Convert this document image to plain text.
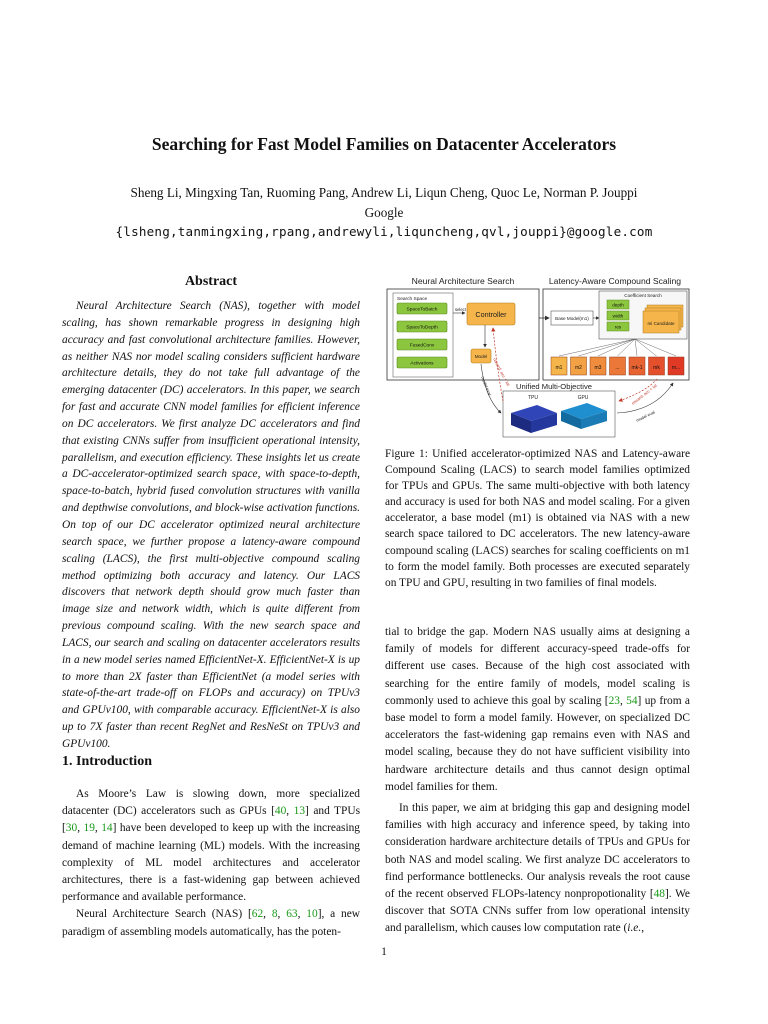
Searching for Fast Model Families on Datacenter Accelerators
Sheng Li, Mingxing Tan, Ruoming Pang, Andrew Li, Liqun Cheng, Quoc Le, Norman P. Jouppi
Google
{lsheng,tanmingxing,rpang,andrewyli,liquncheng,qvl,jouppi}@google.com
Abstract

Neural Architecture Search (NAS), together with model scaling, has shown remarkable progress in designing high accuracy and fast convolutional architecture families. However, as neither NAS nor model scaling considers sufficient hardware architecture details, they do not take full advantage of the emerging datacenter (DC) accelerators. In this paper, we search for fast and accurate CNN model families for efficient inference on DC accelerators. We first analyze DC accelerators and find that existing CNNs suffer from insufficient operational intensity, parallelism, and execution efficiency. These insights let us create a DC-accelerator-optimized search space, with space-to-depth, space-to-batch, hybrid fused convolution structures with vanilla and depthwise convolutions, and block-wise activation functions. On top of our DC accelerator optimized neural architecture search space, we further propose a latency-aware compound scaling (LACS), the first multi-objective compound scaling method optimizing both accuracy and latency. Our LACS discovers that network depth should grow much faster than image size and network width, which is quite different from previous compound scaling. With the new search space and LACS, our search and scaling on datacenter accelerators results in a new model series named EfficientNet-X. EfficientNet-X is up to more than 2X faster than EfficientNet (a model series with state-of-the-art trade-off on FLOPs and accuracy) on TPUv3 and GPUv100, with comparable accuracy. EfficientNet-X is also up to 7X faster than recent RegNet and ResNeSt on TPUv3 and GPUv100.

1. Introduction

As Moore’s Law is slowing down, more specialized datacenter (DC) accelerators such as GPUs [40, 13] and TPUs [30, 19, 14] have been developed to keep up with the increasing demand of machine learning (ML) models. With the increasing complexity of ML model architectures and accelerator architectures, there is a fast-widening gap between achieved performance and available performance.

Neural Architecture Search (NAS) [62, 8, 63, 10], a new paradigm of assembling models automatically, has the poten-

Neural Architecture Search	Latency-Aware Compound Scaling
Search Space
SpaceToBatch
SpaceToDepth
FusedConv
Activations
select
Controller
Model
Base Model(m1)
Coefficient Search
depth
width
res
mi Candidate
m1	m2	m3	... mk-1 mk m...
Unified Multi-Objective
TPU	GPU
model eval reward: acc + lat
model eval
reward: acc + lat

Figure 1: Unified accelerator-optimized NAS and Latency-aware Compound Scaling (LACS) to search model families optimized for TPUs and GPUs. The same multi-objective with both latency and accuracy is used for both NAS and model scaling. For a given accelerator, a base model (m1) is obtained via NAS with a new search space tailored to DC accelerators. The new latency-aware compound scaling (LACS) searches for scaling coefficients on m1 to form the model family. Both processes are executed separately on TPU and GPU, resulting in two families of final models.

tial to bridge the gap. Modern NAS usually aims at designing a family of models for different accuracy-speed trade-offs for different use cases. Because of the high cost associated with searching for the entire family of models, model scaling is commonly used to achieve this goal by scaling [23, 54] up from a base model to form a model family. However, on specialized DC accelerators the fast-widening gap remains even with NAS and model scaling, because they do not have sufficient visibility into hardware architecture details and thus cannot design optimal model families for them.

In this paper, we aim at bridging this gap and designing model families with high accuracy and inference speed, by taking into consideration hardware architecture details of TPUs and GPUs for both NAS and model scaling. We first analyze DC accelerators to find performance bottlenecks. Our analysis reveals the root cause of the recent observed FLOPs-latency nonpropotionality [48]. We discover that SOTA CNNs suffer from low operational intensity and parallelism, which causes low computation rate (i.e.,

1
